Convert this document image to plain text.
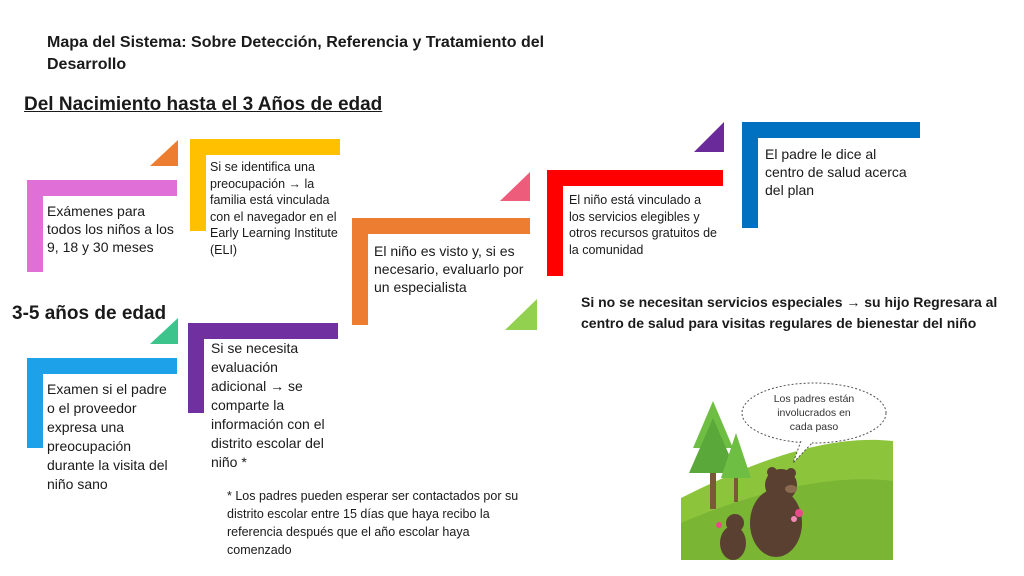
Mapa del Sistema: Sobre Detección, Referencia y Tratamiento del Desarrollo
Del Nacimiento hasta el 3 Años de edad
3-5 años de edad
Exámenes para todos los niños a los 9, 18 y 30 meses
Si se identifica una preocupación → la familia está vinculada con el navegador en el Early Learning Institute (ELI)	El niño es visto y, si es necesario, evaluarlo por un especialista
El niño está vinculado a los servicios elegibles y otros recursos gratuitos de la comunidad
El padre le dice al centro de salud acerca del plan
Examen si el padre o el proveedor expresa una preocupación durante la visita del niño sano
Si se necesita evaluación adicional → se comparte la información con el distrito escolar del niño *
Si no se necesitan servicios especiales → su hijo Regresara al centro de salud para visitas regulares de bienestar del niño
* Los padres pueden esperar ser contactados por su distrito escolar entre 15 días que haya recibo la referencia después que el año escolar haya comenzado
Los padres están
involucrados en
cada paso
